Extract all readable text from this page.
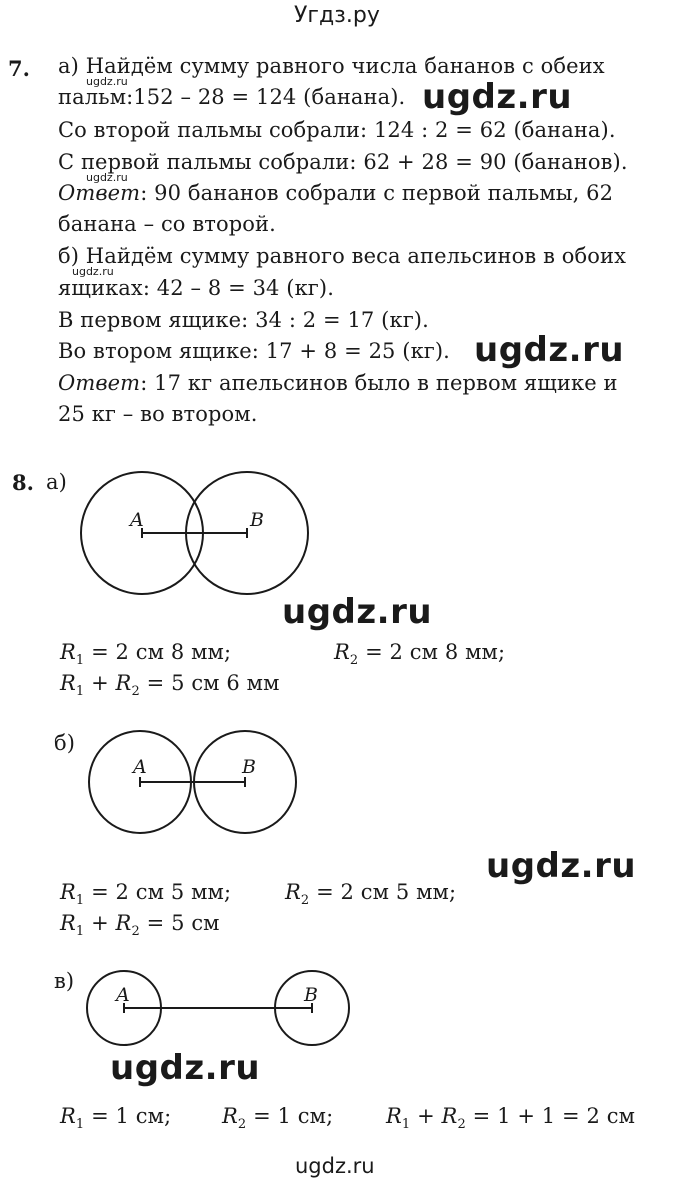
Угдз.ру
7. а) Найдём сумму равного числа бананов с обеих
пальм:152 – 28 = 124 (банана).
Со второй пальмы собрали: 124 : 2 = 62 (банана).
С первой пальмы собрали: 62 + 28 = 90 (бананов).
Ответ: 90 бананов собрали с первой пальмы, 62
банана – со второй.
б) Найдём сумму равного веса апельсинов в обоих
ящиках: 42 – 8 = 34 (кг).
В первом ящике: 34 : 2 = 17 (кг).
Во втором ящике: 17 + 8 = 25 (кг).
Ответ: 17 кг апельсинов было в первом ящике и
25 кг – во втором.
ugdz.ru	ugdz.ru
ugdz.ru
ugdz.ru
ugdz.ru
8. а)
A	B
ugdz.ru
$R_1 = 2$ см 8 мм;	$R_2 = 2$ см 8 мм;
$R_1 + R_2 = 5$ см 6 мм
б)
A	B
ugdz.ru
$R_1 = 2$ см 5 мм;	$R_2 = 2$ см 5 мм;
$R_1 + R_2 = 5$ см
в)
A	B
ugdz.ru
$R_1 = 1$ см; $R_2 = 1$ см;	$R_1 + R_2 = 1 + 1 = 2$ см
ugdz.ru
